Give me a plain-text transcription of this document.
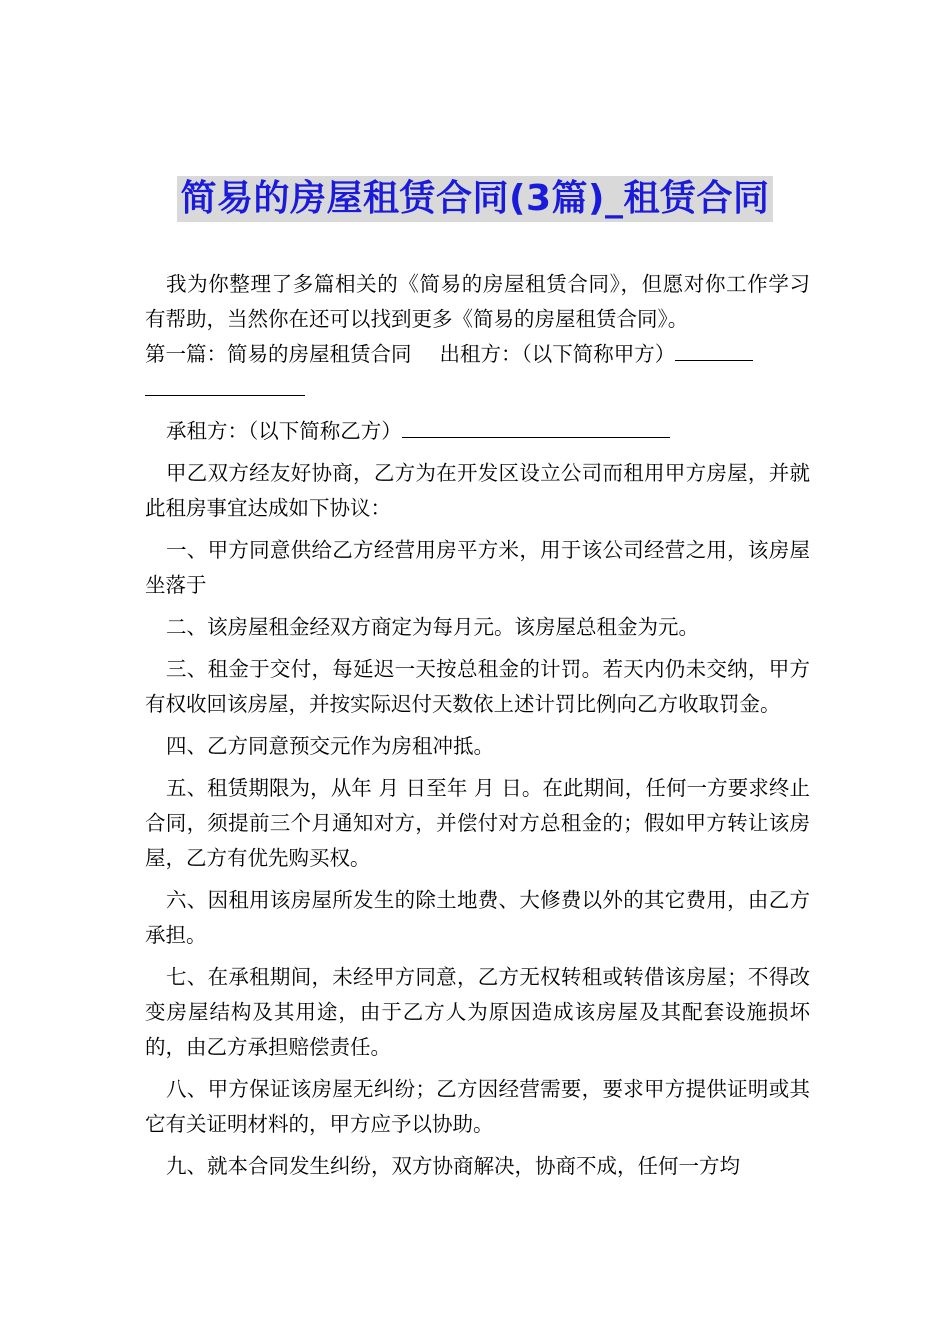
简易的房屋租赁合同(3篇)_租赁合同

我为你整理了多篇相关的《简易的房屋租赁合同》，但愿对你工作学习有帮助，当然你在还可以找到更多《简易的房屋租赁合同》。

第一篇：简易的房屋租赁合同 出租方：（以下简称甲方）

承租方：（以下简称乙方）

甲乙双方经友好协商，乙方为在开发区设立公司而租用甲方房屋，并就此租房事宜达成如下协议：

一、甲方同意供给乙方经营用房平方米，用于该公司经营之用，该房屋坐落于

二、该房屋租金经双方商定为每月元。该房屋总租金为元。

三、租金于交付，每延迟一天按总租金的计罚。若天内仍未交纳，甲方有权收回该房屋，并按实际迟付天数依上述计罚比例向乙方收取罚金。

四、乙方同意预交元作为房租冲抵。

五、租赁期限为，从年 月 日至年 月 日。在此期间，任何一方要求终止合同，须提前三个月通知对方，并偿付对方总租金的；假如甲方转让该房屋，乙方有优先购买权。

六、因租用该房屋所发生的除土地费、大修费以外的其它费用，由乙方承担。

七、在承租期间，未经甲方同意，乙方无权转租或转借该房屋；不得改变房屋结构及其用途，由于乙方人为原因造成该房屋及其配套设施损坏的，由乙方承担赔偿责任。

八、甲方保证该房屋无纠纷；乙方因经营需要，要求甲方提供证明或其它有关证明材料的，甲方应予以协助。

九、就本合同发生纠纷，双方协商解决，协商不成，任何一方均
